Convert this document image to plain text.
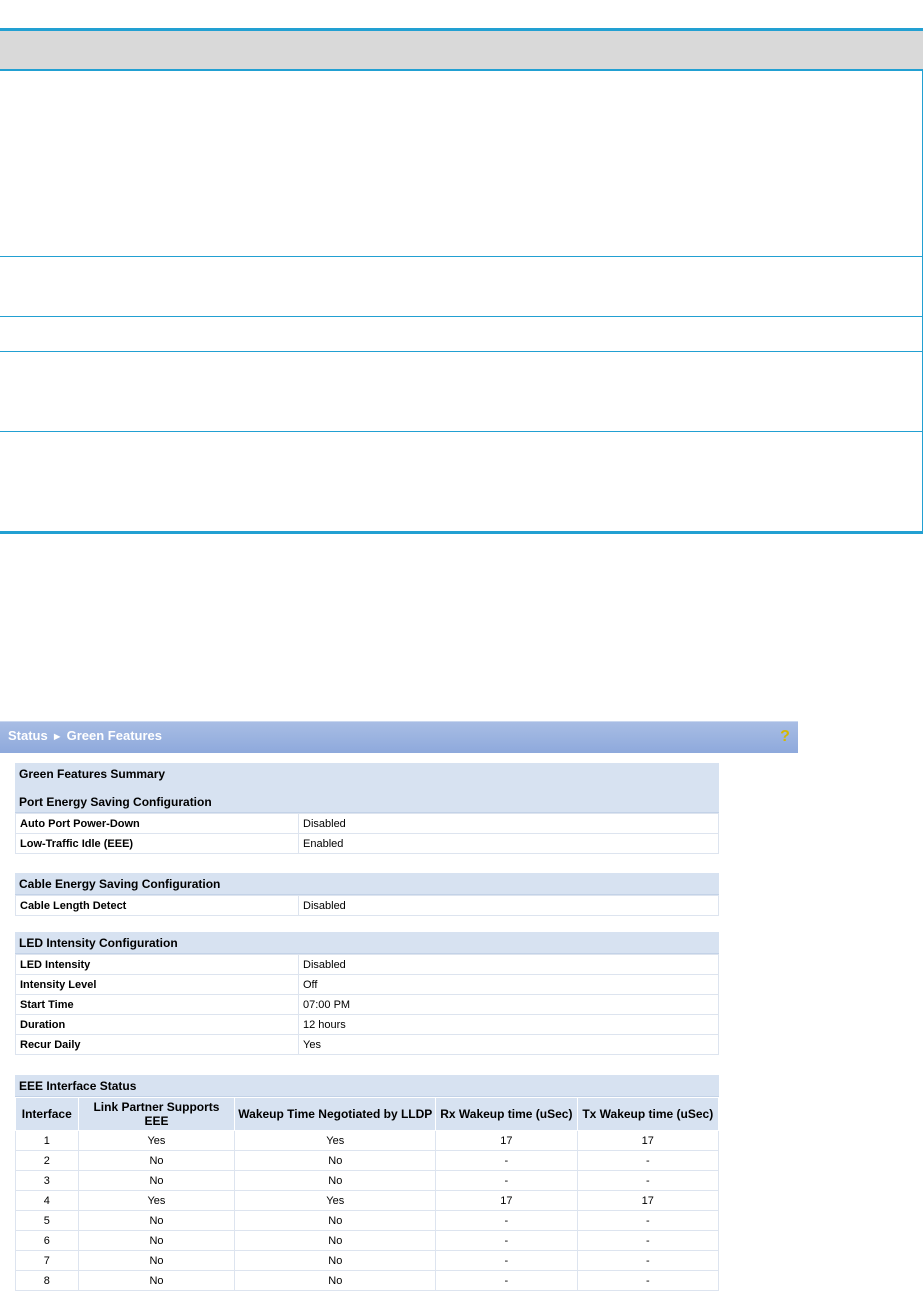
Status ► Green Features	?
Green Features Summary
Port Energy Saving Configuration
Auto Port Power-Down	Disabled
Low-Traffic Idle (EEE)	Enabled
Cable Energy Saving Configuration
Cable Length Detect	Disabled
LED Intensity Configuration
LED Intensity	Disabled
Intensity Level	Off
Start Time	07:00 PM
Duration	12 hours
Recur Daily	Yes
EEE Interface Status
Interface	Link Partner Supports EEE	Wakeup Time Negotiated by LLDP	Rx Wakeup time (uSec)	Tx Wakeup time (uSec)
1	Yes	Yes	17	17
2	No	No	-	-
3	No	No	-	-
4	Yes	Yes	17	17
5	No	No	-	-
6	No	No	-	-
7	No	No	-	-
8	No	No	-	-
